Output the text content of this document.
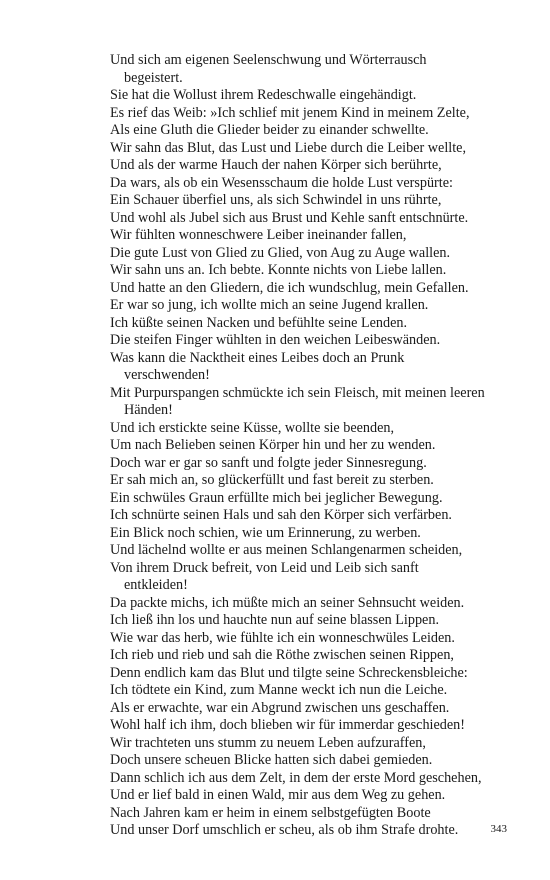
Und sich am eigenen Seelenschwung und Wörterrausch
begeistert.
Sie hat die Wollust ihrem Redeschwalle eingehändigt.
Es rief das Weib: »Ich schlief mit jenem Kind in meinem Zelte,
Als eine Gluth die Glieder beider zu einander schwellte.
Wir sahn das Blut, das Lust und Liebe durch die Leiber wellte,
Und als der warme Hauch der nahen Körper sich berührte,
Da wars, als ob ein Wesensschaum die holde Lust verspürte:
Ein Schauer überfiel uns, als sich Schwindel in uns rührte,
Und wohl als Jubel sich aus Brust und Kehle sanft entschnürte.
Wir fühlten wonneschwere Leiber ineinander fallen,
Die gute Lust von Glied zu Glied, von Aug zu Auge wallen.
Wir sahn uns an. Ich bebte. Konnte nichts von Liebe lallen.
Und hatte an den Gliedern, die ich wundschlug, mein Gefallen.
Er war so jung, ich wollte mich an seine Jugend krallen.
Ich küßte seinen Nacken und befühlte seine Lenden.
Die steifen Finger wühlten in den weichen Leibeswänden.
Was kann die Nacktheit eines Leibes doch an Prunk
verschwenden!
Mit Purpurspangen schmückte ich sein Fleisch, mit meinen leeren
Händen!
Und ich erstickte seine Küsse, wollte sie beenden,
Um nach Belieben seinen Körper hin und her zu wenden.
Doch war er gar so sanft und folgte jeder Sinnesregung.
Er sah mich an, so glückerfüllt und fast bereit zu sterben.
Ein schwüles Graun erfüllte mich bei jeglicher Bewegung.
Ich schnürte seinen Hals und sah den Körper sich verfärben.
Ein Blick noch schien, wie um Erinnerung, zu werben.
Und lächelnd wollte er aus meinen Schlangenarmen scheiden,
Von ihrem Druck befreit, von Leid und Leib sich sanft
entkleiden!
Da packte michs, ich müßte mich an seiner Sehnsucht weiden.
Ich ließ ihn los und hauchte nun auf seine blassen Lippen.
Wie war das herb, wie fühlte ich ein wonneschwüles Leiden.
Ich rieb und rieb und sah die Röthe zwischen seinen Rippen,
Denn endlich kam das Blut und tilgte seine Schreckensbleiche:
Ich tödtete ein Kind, zum Manne weckt ich nun die Leiche.
Als er erwachte, war ein Abgrund zwischen uns geschaffen.
Wohl half ich ihm, doch blieben wir für immerdar geschieden!
Wir trachteten uns stumm zu neuem Leben aufzuraffen,
Doch unsere scheuen Blicke hatten sich dabei gemieden.
Dann schlich ich aus dem Zelt, in dem der erste Mord geschehen,
Und er lief bald in einen Wald, mir aus dem Weg zu gehen.
Nach Jahren kam er heim in einem selbstgefügten Boote
Und unser Dorf umschlich er scheu, als ob ihm Strafe drohte.	343
